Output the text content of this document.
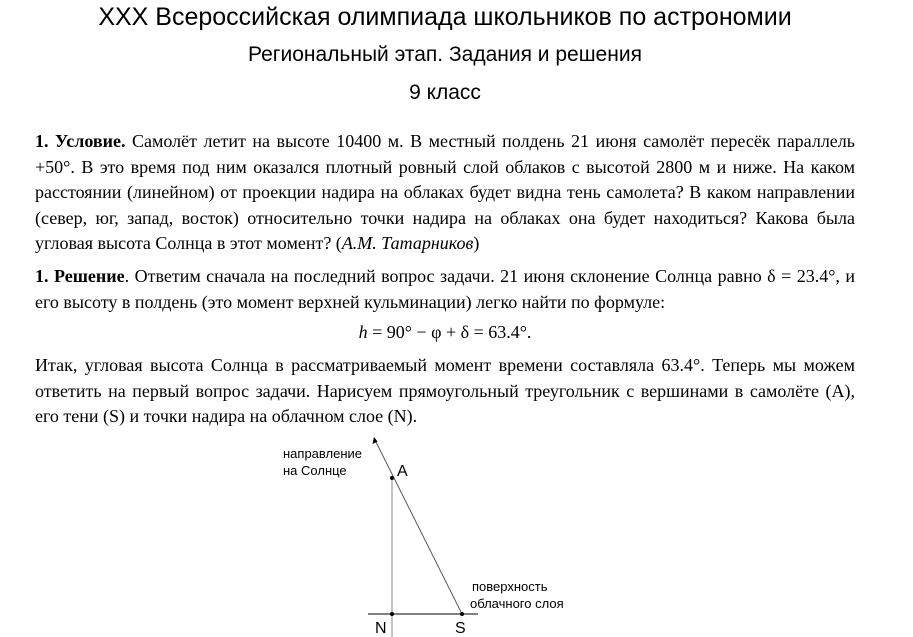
XXX Всероссийская олимпиада школьников по астрономии
Региональный этап. Задания и решения
9 класс
1. Условие. Самолёт летит на высоте 10400 м. В местный полдень 21 июня самолёт пересёк параллель +50°. В это время под ним оказался плотный ровный слой облаков с высотой 2800 м и ниже. На каком расстоянии (линейном) от проекции надира на облаках будет видна тень самолета? В каком направлении (север, юг, запад, восток) относительно точки надира на облаках она будет находиться? Какова была угловая высота Солнца в этот момент? (А.М. Татарников)
1. Решение. Ответим сначала на последний вопрос задачи. 21 июня склонение Солнца равно δ = 23.4°, и его высоту в полдень (это момент верхней кульминации) легко найти по формуле:
h = 90° − φ + δ = 63.4°.
Итак, угловая высота Солнца в рассматриваемый момент времени составляла 63.4°. Теперь мы можем ответить на первый вопрос задачи. Нарисуем прямоугольный треугольник с вершинами в самолёте (A), его тени (S) и точки надира на облачном слое (N).
направление
на Солнце	A
поверхность
облачного слоя
N	S
